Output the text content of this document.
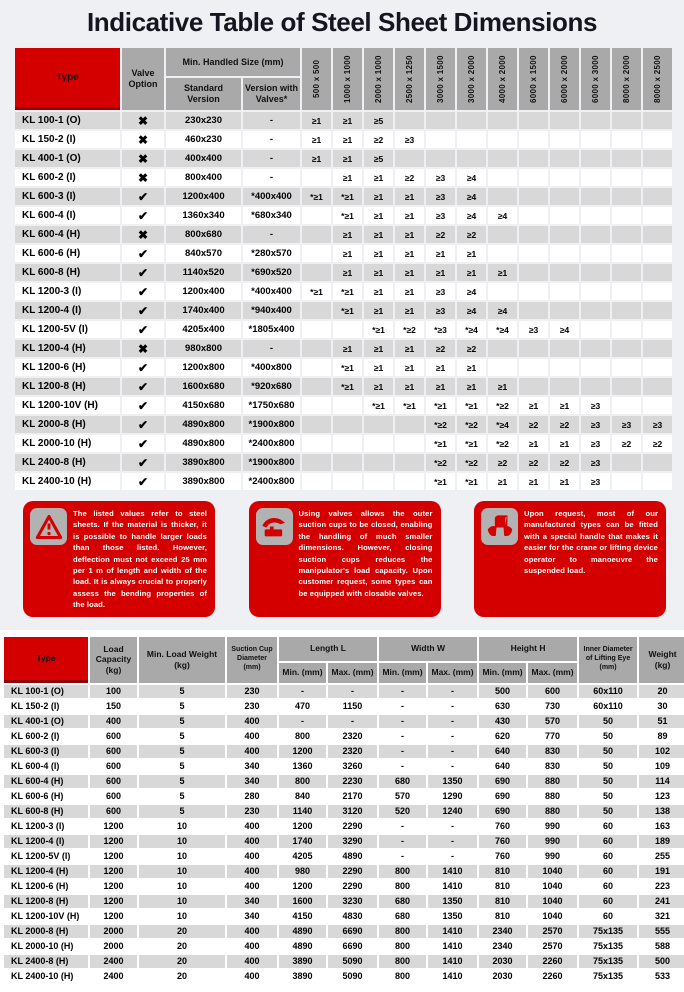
Indicative Table of Steel Sheet Dimensions
Type	Valve Option	Min. Handled Size (mm)		500 x 500	1000 x 1000	2000 x 1000	2500 x 1250	3000 x 1500	3000 x 2000	4000 x 2000	6000 x 1500	6000 x 2000	6000 x 3000	8000 x 2000	8000 x 2500

		Standard Version	Version with Valves*												
KL 100-1 (O)	✖	230x230	-	≥1	≥1	≥5									
KL 150-2 (I)	✖	460x230	-	≥1	≥1	≥2	≥3								
KL 400-1 (O)	✖	400x400	-	≥1	≥1	≥5									
KL 600-2 (I)	✖	800x400	-		≥1	≥1	≥2	≥3	≥4						
KL 600-3 (I)	✔	1200x400	*400x400	*≥1	*≥1	≥1	≥1	≥3	≥4						
KL 600-4 (I)	✔	1360x340	*680x340		*≥1	≥1	≥1	≥3	≥4	≥4					
KL 600-4 (H)	✖	800x680	-		≥1	≥1	≥1	≥2	≥2						
KL 600-6 (H)	✔	840x570	*280x570		≥1	≥1	≥1	≥1	≥1						
KL 600-8 (H)	✔	1140x520	*690x520		≥1	≥1	≥1	≥1	≥1	≥1					
KL 1200-3 (I)	✔	1200x400	*400x400	*≥1	*≥1	≥1	≥1	≥3	≥4						
KL 1200-4 (I)	✔	1740x400	*940x400		*≥1	≥1	≥1	≥3	≥4	≥4					
KL 1200-5V (I)	✔	4205x400	*1805x400			*≥1	*≥2	*≥3	*≥4	*≥4	≥3	≥4			
KL 1200-4 (H)	✖	980x800	-		≥1	≥1	≥1	≥2	≥2						
KL 1200-6 (H)	✔	1200x800	*400x800		*≥1	≥1	≥1	≥1	≥1						
KL 1200-8 (H)	✔	1600x680	*920x680		*≥1	≥1	≥1	≥1	≥1	≥1					
KL 1200-10V (H)	✔	4150x680	*1750x680			*≥1	*≥1	*≥1	*≥1	*≥2	≥1	≥1	≥3		
KL 2000-8 (H)	✔	4890x800	*1900x800					*≥2	*≥2	*≥4	≥2	≥2	≥3	≥3	≥3
KL 2000-10 (H)	✔	4890x800	*2400x800					*≥1	*≥1	*≥2	≥1	≥1	≥3	≥2	≥2
KL 2400-8 (H)	✔	3890x800	*1900x800					*≥2	*≥2	≥2	≥2	≥2	≥3		
KL 2400-10 (H)	✔	3890x800	*2400x800					*≥1	*≥1	≥1	≥1	≥1	≥3		
The listed values refer to steel sheets. If the material is thicker, it is possible to handle larger loads than those listed. However, deflection must not exceed 25 mm per 1 m of length and width of the load. It is always crucial to properly assess the bending properties of the load.
Using valves allows the outer suction cups to be closed, enabling the handling of much smaller dimensions. However, closing suction cups reduces the manipulator's load capacity. Upon customer request, some types can be equipped with closable valves.
Upon request, most of our manufactured types can be fitted with a special handle that makes it easier for the crane or lifting device operator to manoeuvre the suspended load.
Type	Load Capacity (kg)	Min. Load Weight (kg)	Suction Cup Diameter (mm)	Length L		Width W		Height H		Inner Diameter of Lifting Eye (mm)	Weight (kg)
				Min. (mm)	Max. (mm)	Min. (mm)	Max. (mm)	Min. (mm)	Max. (mm)		
KL 100-1 (O)	100	5	230	-	-	-	-	500	600	60x110	20
KL 150-2 (I)	150	5	230	470	1150	-	-	630	730	60x110	30
KL 400-1 (O)	400	5	400	-	-	-	-	430	570	50	51
KL 600-2 (I)	600	5	400	800	2320	-	-	620	770	50	89
KL 600-3 (I)	600	5	400	1200	2320	-	-	640	830	50	102
KL 600-4 (I)	600	5	340	1360	3260	-	-	640	830	50	109
KL 600-4 (H)	600	5	340	800	2230	680	1350	690	880	50	114
KL 600-6 (H)	600	5	280	840	2170	570	1290	690	880	50	123
KL 600-8 (H)	600	5	230	1140	3120	520	1240	690	880	50	138
KL 1200-3 (I)	1200	10	400	1200	2290	-	-	760	990	60	163
KL 1200-4 (I)	1200	10	400	1740	3290	-	-	760	990	60	189
KL 1200-5V (I)	1200	10	400	4205	4890	-	-	760	990	60	255
KL 1200-4 (H)	1200	10	400	980	2290	800	1410	810	1040	60	191
KL 1200-6 (H)	1200	10	400	1200	2290	800	1410	810	1040	60	223
KL 1200-8 (H)	1200	10	340	1600	3230	680	1350	810	1040	60	241
KL 1200-10V (H)	1200	10	340	4150	4830	680	1350	810	1040	60	321
KL 2000-8 (H)	2000	20	400	4890	6690	800	1410	2340	2570	75x135	555
KL 2000-10 (H)	2000	20	400	4890	6690	800	1410	2340	2570	75x135	588
KL 2400-8 (H)	2400	20	400	3890	5090	800	1410	2030	2260	75x135	500
KL 2400-10 (H)	2400	20	400	3890	5090	800	1410	2030	2260	75x135	533
